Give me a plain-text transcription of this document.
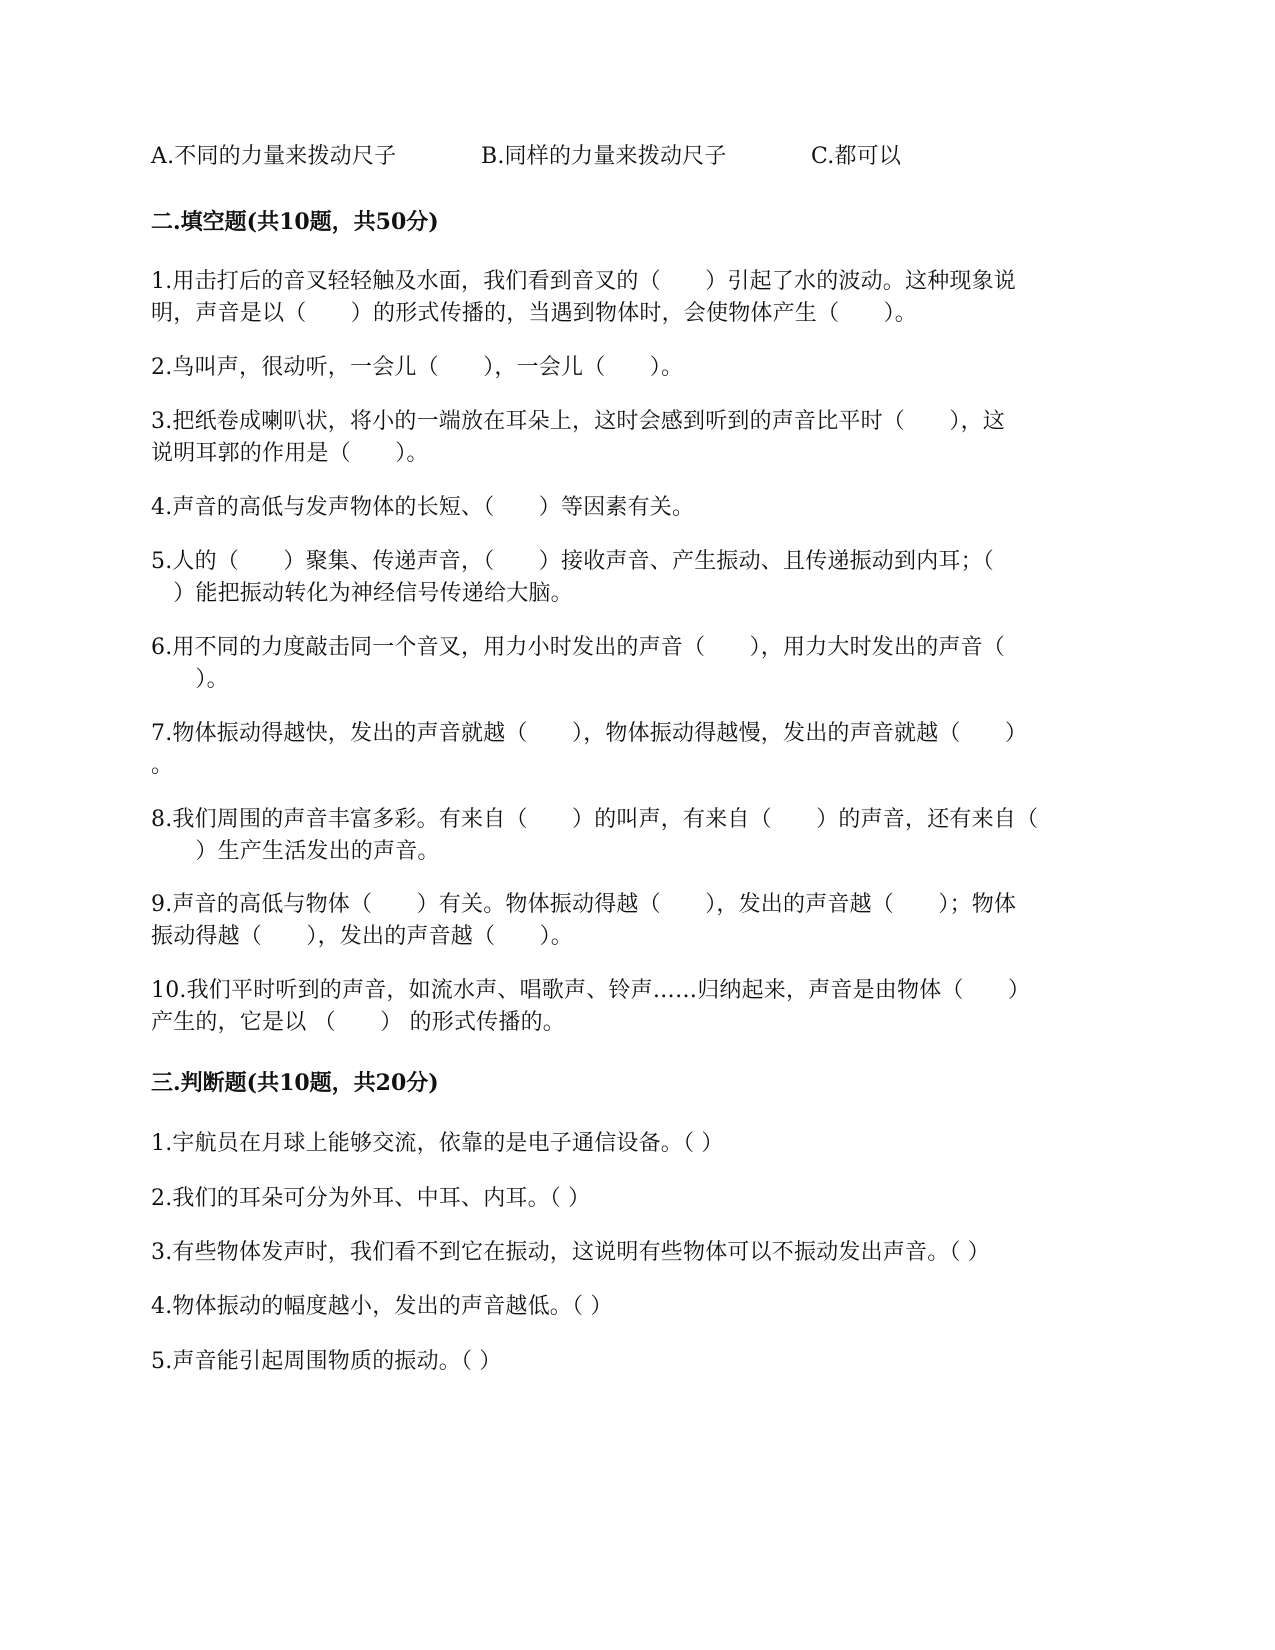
A.不同的力量来拨动尺子	B.同样的力量来拨动尺子	C.都可以
二.填空题(共10题，共50分)
1.用击打后的音叉轻轻触及水面，我们看到音叉的（　　）引起了水的波动。这种现象说
明，声音是以（　　）的形式传播的，当遇到物体时，会使物体产生（　　）。
2.鸟叫声，很动听，一会儿（　　），一会儿（　　）。
3.把纸卷成喇叭状，将小的一端放在耳朵上，这时会感到听到的声音比平时（　　），这
说明耳郭的作用是（　　）。
4.声音的高低与发声物体的长短、（　　）等因素有关。
5.人的（　　）聚集、传递声音，（　　）接收声音、产生振动、且传递振动到内耳；（
　）能把振动转化为神经信号传递给大脑。
6.用不同的力度敲击同一个音叉，用力小时发出的声音（　　），用力大时发出的声音（
　　）。
7.物体振动得越快，发出的声音就越（　　），物体振动得越慢，发出的声音就越（　　）
。
8.我们周围的声音丰富多彩。有来自（　　）的叫声，有来自（　　）的声音，还有来自（
　　）生产生活发出的声音。
9.声音的高低与物体（　　）有关。物体振动得越（　　），发出的声音越（　　）；物体
振动得越（　　），发出的声音越（　　）。
10.我们平时听到的声音，如流水声、唱歌声、铃声……归纳起来，声音是由物体（　　）
产生的，它是以 （　　） 的形式传播的。
三.判断题(共10题，共20分)
1.宇航员在月球上能够交流，依靠的是电子通信设备。（ ）
2.我们的耳朵可分为外耳、中耳、内耳。（ ）
3.有些物体发声时，我们看不到它在振动，这说明有些物体可以不振动发出声音。（ ）
4.物体振动的幅度越小，发出的声音越低。（ ）
5.声音能引起周围物质的振动。（ ）
